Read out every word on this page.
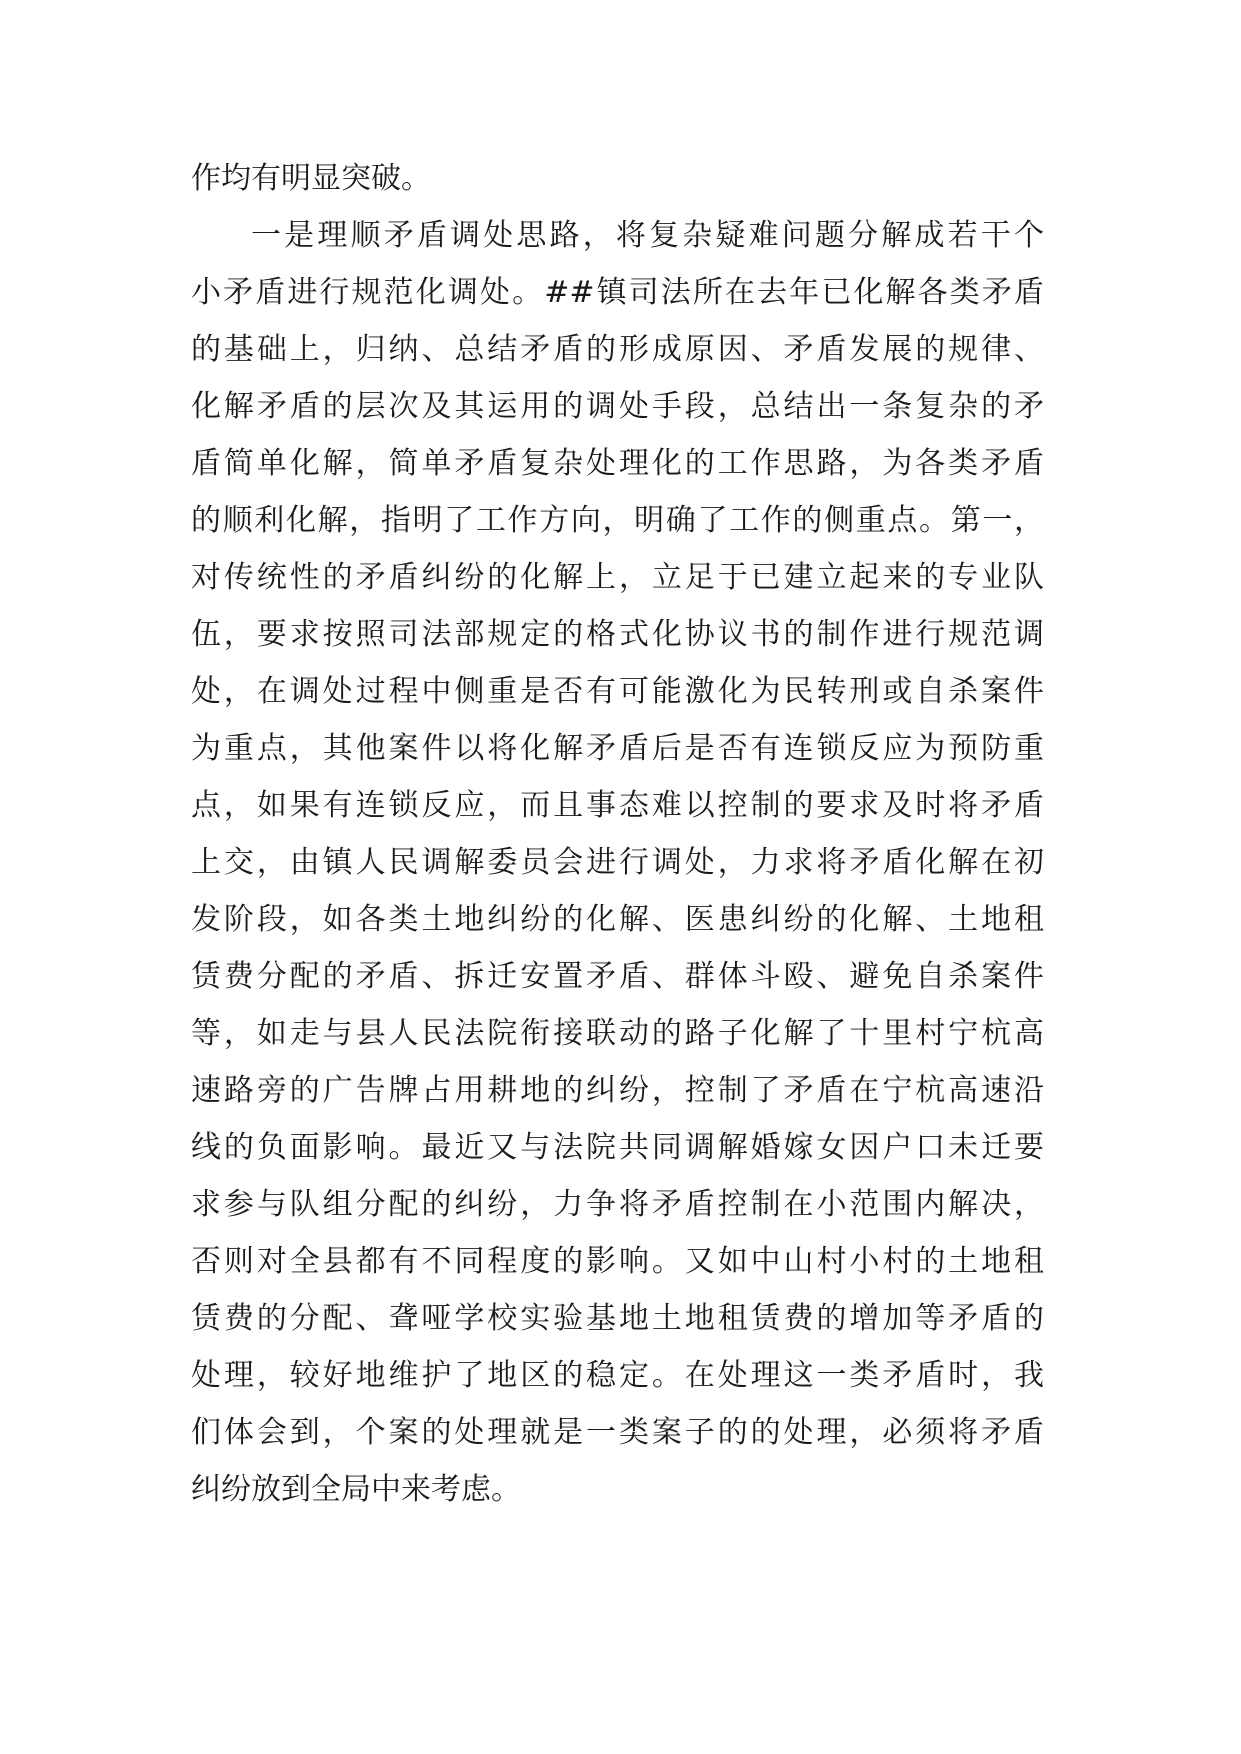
作均有明显突破。
一是理顺矛盾调处思路，将复杂疑难问题分解成若干个
小矛盾进行规范化调处。##镇司法所在去年已化解各类矛盾
的基础上，归纳、总结矛盾的形成原因、矛盾发展的规律、
化解矛盾的层次及其运用的调处手段，总结出一条复杂的矛
盾简单化解，简单矛盾复杂处理化的工作思路，为各类矛盾
的顺利化解，指明了工作方向，明确了工作的侧重点。第一，
对传统性的矛盾纠纷的化解上，立足于已建立起来的专业队
伍，要求按照司法部规定的格式化协议书的制作进行规范调
处，在调处过程中侧重是否有可能激化为民转刑或自杀案件
为重点，其他案件以将化解矛盾后是否有连锁反应为预防重
点，如果有连锁反应，而且事态难以控制的要求及时将矛盾
上交，由镇人民调解委员会进行调处，力求将矛盾化解在初
发阶段，如各类土地纠纷的化解、医患纠纷的化解、土地租
赁费分配的矛盾、拆迁安置矛盾、群体斗殴、避免自杀案件
等，如走与县人民法院衔接联动的路子化解了十里村宁杭高
速路旁的广告牌占用耕地的纠纷，控制了矛盾在宁杭高速沿
线的负面影响。最近又与法院共同调解婚嫁女因户口未迁要
求参与队组分配的纠纷，力争将矛盾控制在小范围内解决，
否则对全县都有不同程度的影响。又如中山村小村的土地租
赁费的分配、聋哑学校实验基地土地租赁费的增加等矛盾的
处理，较好地维护了地区的稳定。在处理这一类矛盾时，我
们体会到，个案的处理就是一类案子的的处理，必须将矛盾
纠纷放到全局中来考虑。
